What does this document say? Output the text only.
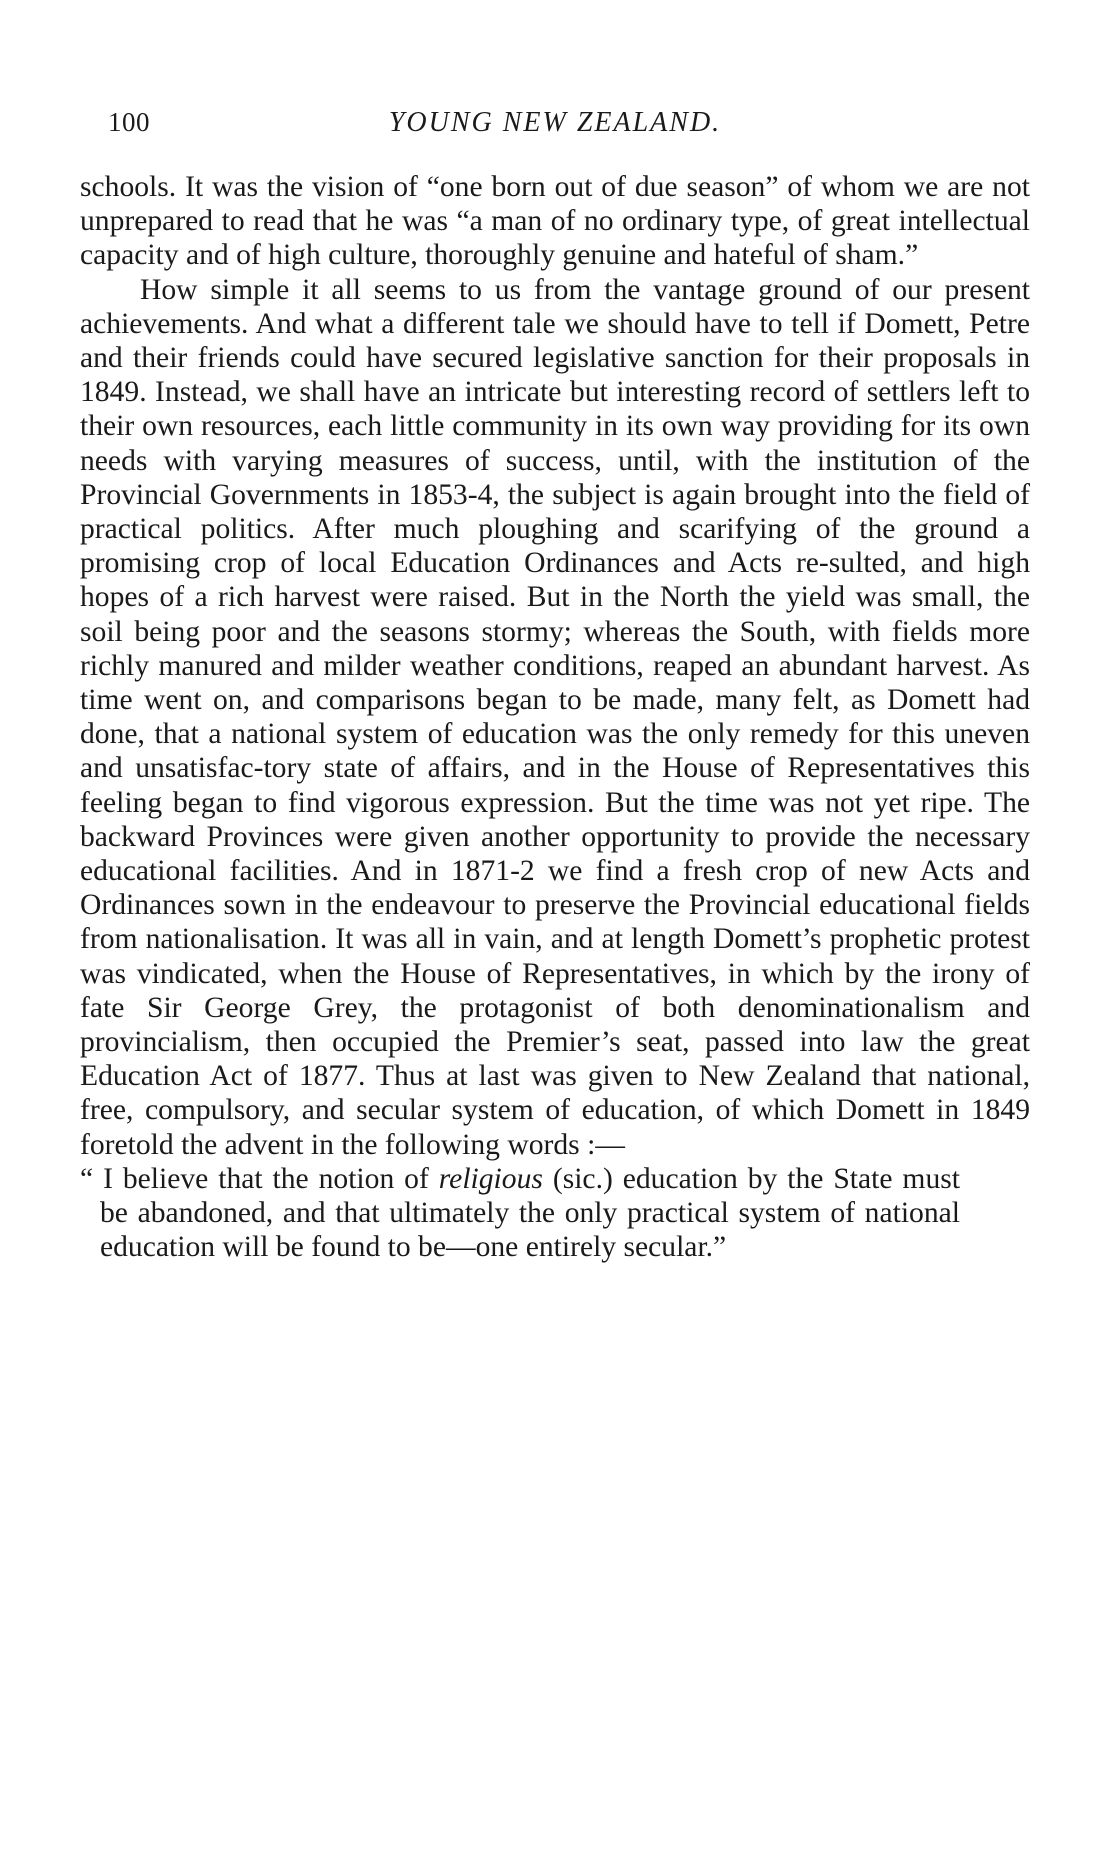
100	YOUNG NEW ZEALAND.

schools. It was the vision of “one born out of due season” of whom we are not unprepared to read that he was “a man of no ordinary type, of great intellectual capacity and of high culture, thoroughly genuine and hateful of sham.”

How simple it all seems to us from the vantage ground of our present achievements. And what a different tale we should have to tell if Domett, Petre and their friends could have secured legislative sanction for their proposals in 1849. Instead, we shall have an intricate but interesting record of settlers left to their own resources, each little community in its own way providing for its own needs with varying measures of success, until, with the institution of the Provincial Governments in 1853-4, the subject is again brought into the field of practical politics. After much ploughing and scarifying of the ground a promising crop of local Education Ordinances and Acts re-sulted, and high hopes of a rich harvest were raised. But in the North the yield was small, the soil being poor and the seasons stormy; whereas the South, with fields more richly manured and milder weather conditions, reaped an abundant harvest. As time went on, and comparisons began to be made, many felt, as Domett had done, that a national system of education was the only remedy for this uneven and unsatisfac-tory state of affairs, and in the House of Representatives this feeling began to find vigorous expression. But the time was not yet ripe. The backward Provinces were given another opportunity to provide the necessary educational facilities. And in 1871-2 we find a fresh crop of new Acts and Ordinances sown in the endeavour to preserve the Provincial educational fields from nationalisation. It was all in vain, and at length Domett’s prophetic protest was vindicated, when the House of Representatives, in which by the irony of fate Sir George Grey, the protagonist of both denominationalism and provincialism, then occupied the Premier’s seat, passed into law the great Education Act of 1877. Thus at last was given to New Zealand that national, free, compulsory, and secular system of education, of which Domett in 1849 foretold the advent in the following words :—

“ I believe that the notion of religious (sic.) education by the State must be abandoned, and that ultimately the only practical system of national education will be found to be—one entirely secular.”
